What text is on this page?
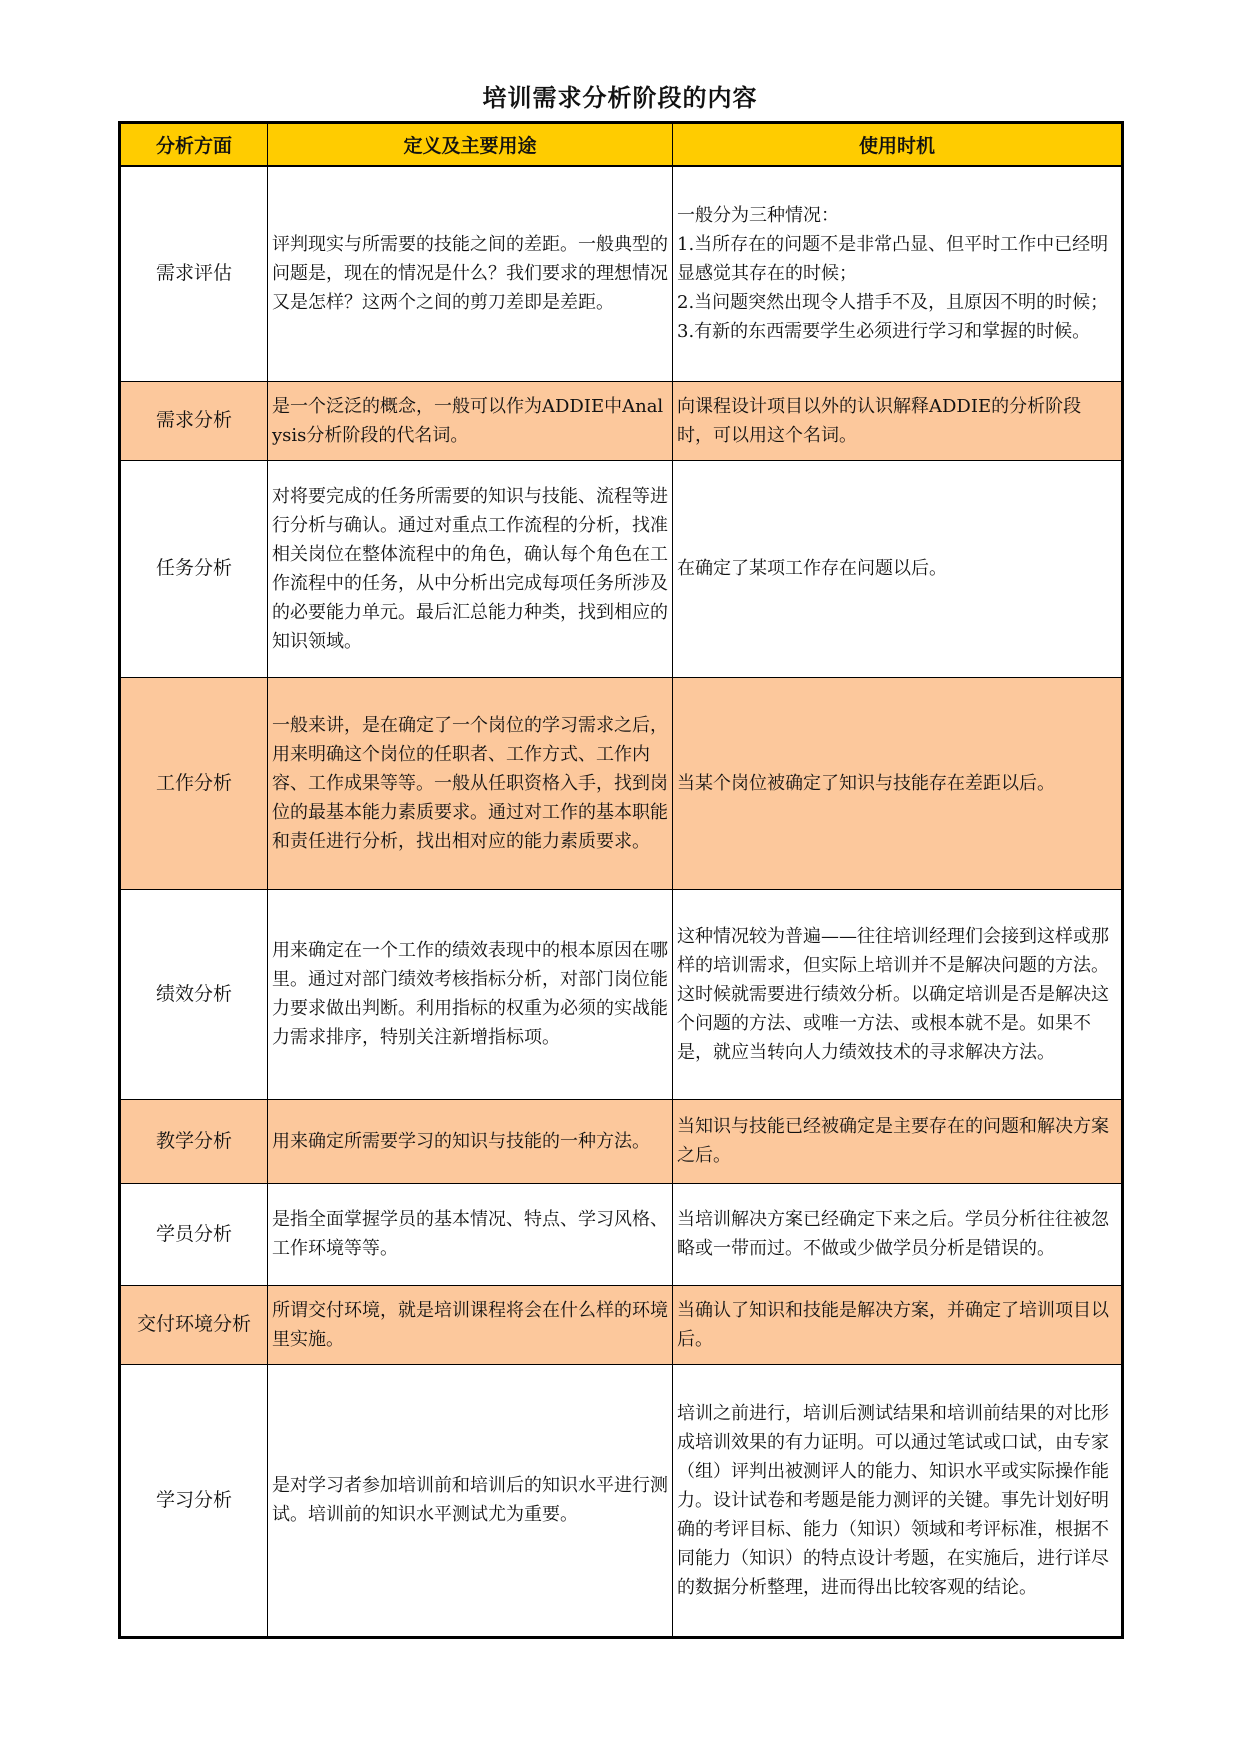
培训需求分析阶段的内容
分析方面	定义及主要用途	使用时机
需求评估	评判现实与所需要的技能之间的差距。一般典型的问题是，现在的情况是什么？我们要求的理想情况又是怎样？这两个之间的剪刀差即是差距。	一般分为三种情况：
1.当所存在的问题不是非常凸显、但平时工作中已经明显感觉其存在的时候；
2.当问题突然出现令人措手不及，且原因不明的时候；
3.有新的东西需要学生必须进行学习和掌握的时候。
需求分析	是一个泛泛的概念，一般可以作为ADDIE中Analysis分析阶段的代名词。	向课程设计项目以外的认识解释ADDIE的分析阶段时，可以用这个名词。
任务分析	对将要完成的任务所需要的知识与技能、流程等进行分析与确认。通过对重点工作流程的分析，找准相关岗位在整体流程中的角色，确认每个角色在工作流程中的任务，从中分析出完成每项任务所涉及的必要能力单元。最后汇总能力种类，找到相应的知识领域。	在确定了某项工作存在问题以后。
工作分析	一般来讲，是在确定了一个岗位的学习需求之后，用来明确这个岗位的任职者、工作方式、工作内容、工作成果等等。一般从任职资格入手，找到岗位的最基本能力素质要求。通过对工作的基本职能和责任进行分析，找出相对应的能力素质要求。	当某个岗位被确定了知识与技能存在差距以后。
绩效分析	用来确定在一个工作的绩效表现中的根本原因在哪里。通过对部门绩效考核指标分析，对部门岗位能力要求做出判断。利用指标的权重为必须的实战能力需求排序，特别关注新增指标项。	这种情况较为普遍——往往培训经理们会接到这样或那样的培训需求，但实际上培训并不是解决问题的方法。这时候就需要进行绩效分析。以确定培训是否是解决这个问题的方法、或唯一方法、或根本就不是。如果不是，就应当转向人力绩效技术的寻求解决方法。
教学分析	用来确定所需要学习的知识与技能的一种方法。	当知识与技能已经被确定是主要存在的问题和解决方案之后。
学员分析	是指全面掌握学员的基本情况、特点、学习风格、工作环境等等。	当培训解决方案已经确定下来之后。学员分析往往被忽略或一带而过。不做或少做学员分析是错误的。
交付环境分析	所谓交付环境，就是培训课程将会在什么样的环境里实施。	当确认了知识和技能是解决方案，并确定了培训项目以后。
学习分析	是对学习者参加培训前和培训后的知识水平进行测试。培训前的知识水平测试尤为重要。	培训之前进行，培训后测试结果和培训前结果的对比形成培训效果的有力证明。可以通过笔试或口试，由专家（组）评判出被测评人的能力、知识水平或实际操作能力。设计试卷和考题是能力测评的关键。事先计划好明确的考评目标、能力（知识）领域和考评标准，根据不同能力（知识）的特点设计考题，在实施后，进行详尽的数据分析整理，进而得出比较客观的结论。
